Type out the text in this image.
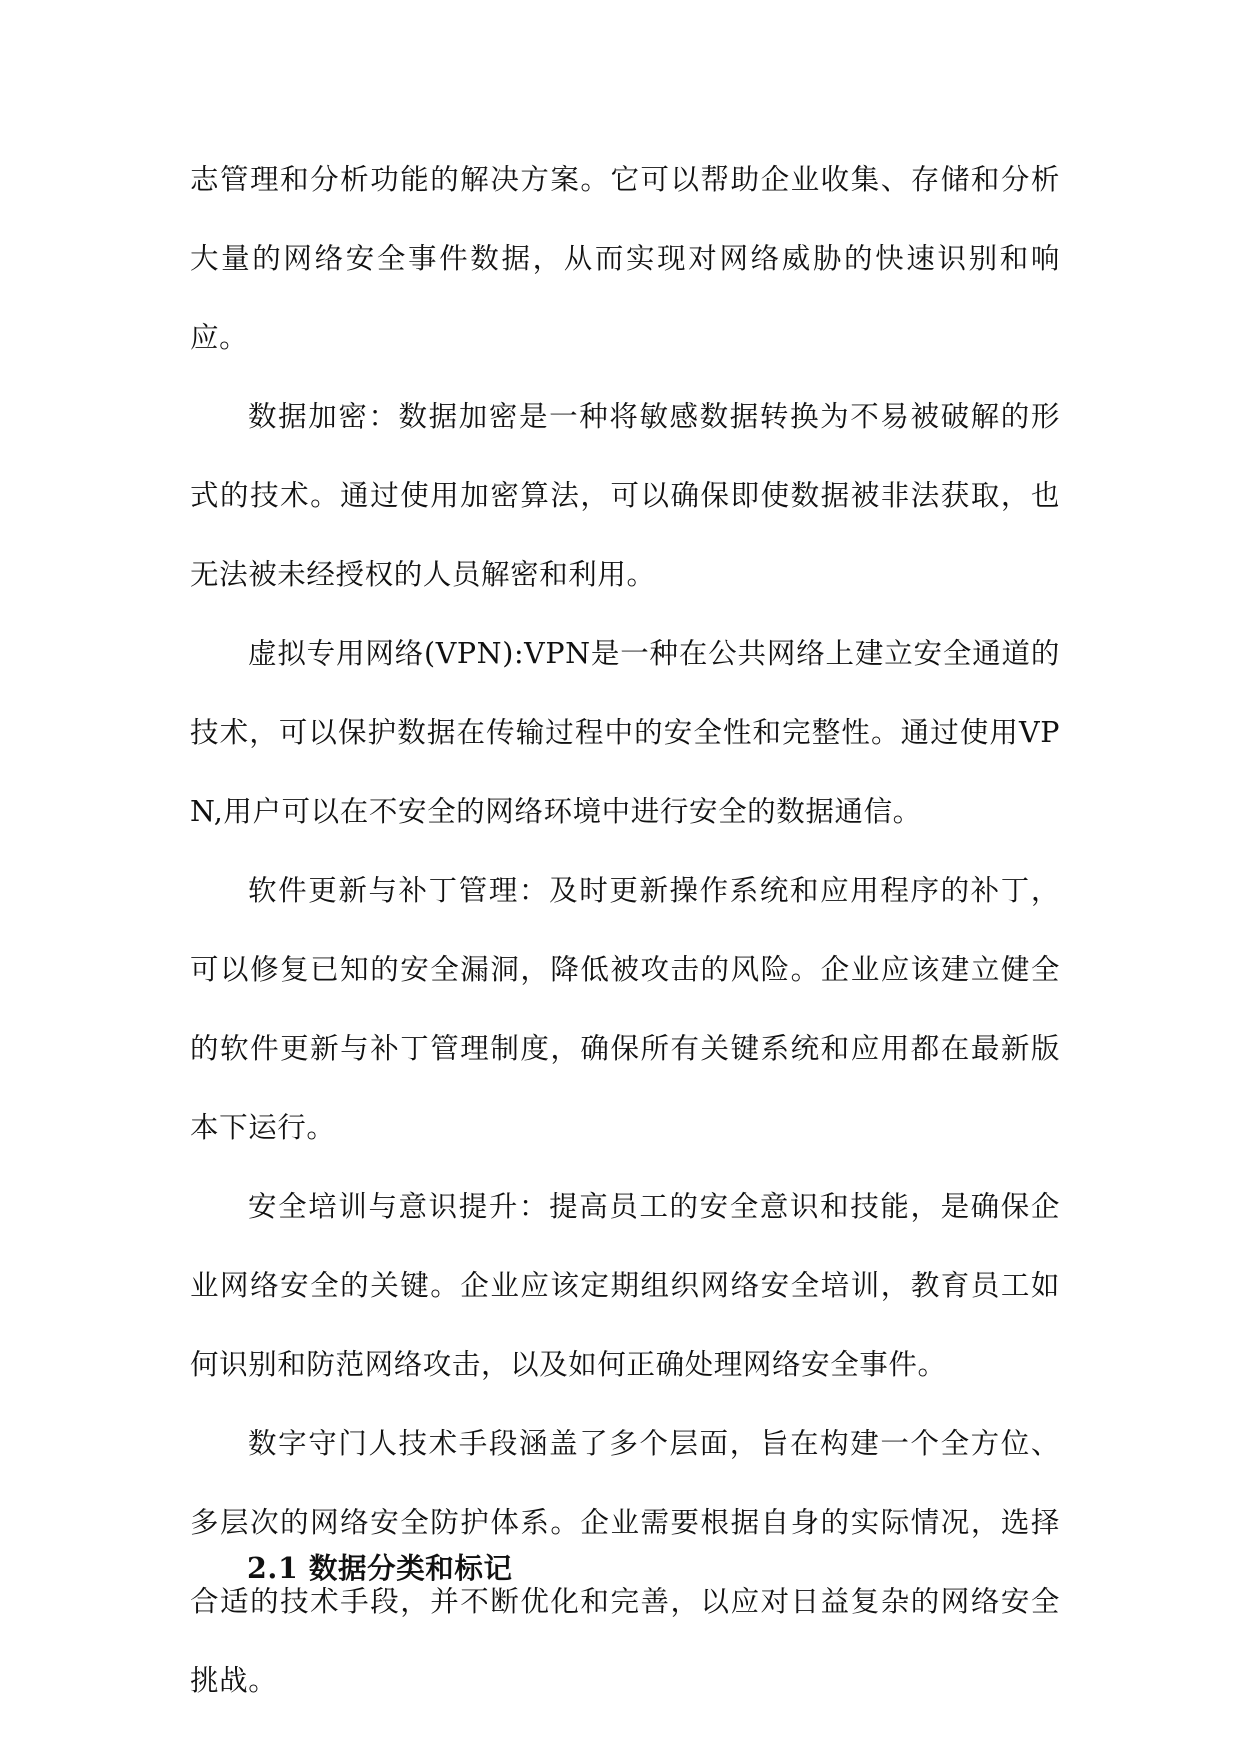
志管理和分析功能的解决方案。它可以帮助企业收集、存储和分析大量的网络安全事件数据，从而实现对网络威胁的快速识别和响应。

数据加密：数据加密是一种将敏感数据转换为不易被破解的形式的技术。通过使用加密算法，可以确保即使数据被非法获取，也无法被未经授权的人员解密和利用。

虚拟专用网络(VPN):VPN是一种在公共网络上建立安全通道的技术，可以保护数据在传输过程中的安全性和完整性。通过使用VPN,用户可以在不安全的网络环境中进行安全的数据通信。

软件更新与补丁管理：及时更新操作系统和应用程序的补丁，可以修复已知的安全漏洞，降低被攻击的风险。企业应该建立健全的软件更新与补丁管理制度，确保所有关键系统和应用都在最新版本下运行。

安全培训与意识提升：提高员工的安全意识和技能，是确保企业网络安全的关键。企业应该定期组织网络安全培训，教育员工如何识别和防范网络攻击，以及如何正确处理网络安全事件。

数字守门人技术手段涵盖了多个层面，旨在构建一个全方位、多层次的网络安全防护体系。企业需要根据自身的实际情况，选择合适的技术手段，并不断优化和完善，以应对日益复杂的网络安全挑战。

2.1 数据分类和标记
